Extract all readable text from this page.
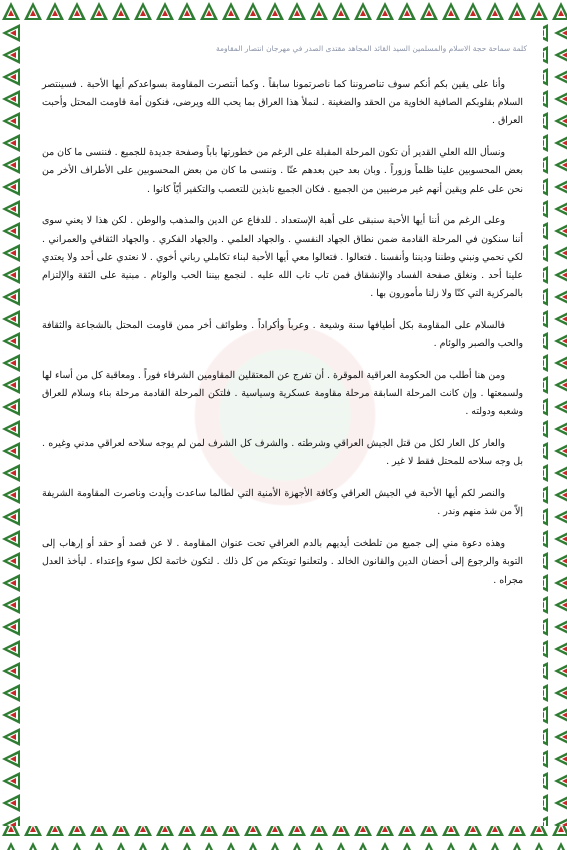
كلمة سماحة حجة الاسلام والمسلمين السيد القائد المجاهد مقتدى الصدر في مهرجان انتصار المقاومة

وأنا على يقين بكم أنكم سوف تناصروننا كما ناصرتمونا سابقاً . وكما أنتصرت المقاومة بسواعدكم أيها الأحبة . فسينتصر السلام بقلوبكم الصافية الخاوية من الحقد والضغينة . لنملأ هذا العراق بما يحب الله ويرضى، فنكون أمة قاومت المحتل وأحبت العراق .

ونسأل الله العلي القدير أن تكون المرحلة المقبلة على الرغم من خطورتها باباً وصفحة جديدة للجميع . فننسى ما كان من بعض المحسوبين علينا ظلماً وزوراً . وبان بعد حين بعدهم عنّا . وننسى ما كان من بعض المحسوبين على الأطراف الأخر من نحن على علم ويقين أنهم غير مرضيين من الجميع . فكان الجميع نابذين للتعصب والتكفير أيّاً كانوا .

وعلى الرغم من أننا أيها الأحبة سنبقى على أهبة الإستعداد . للدفاع عن الدين والمذهب والوطن . لكن هذا لا يعني سوى أننا سنكون في المرحلة القادمة ضمن نطاق الجهاد النفسي . والجهاد العلمي . والجهاد الفكري . والجهاد الثقافي والعمراني . لكي نحمي ونبني وطننا وديننا وأنفسنا . فتعالوا . فتعالوا معي أيها الأحبة لبناء تكاملي رباني أخوي . لا نعتدي على أحد ولا يعتدي علينا أحد . ونغلق صفحة الفساد والإنشقاق فمن تاب تاب الله عليه . لنجمع بيننا الحب والوئام . مبنية على الثقة والإلتزام بالمركزية التي كنّا ولا زلنا مأمورون بها .

فالسلام على المقاومة بكل أطيافها سنة وشيعة . وعرباً وأكراداً . وطوائف أخر ممن قاومت المحتل بالشجاعة والثقافة والحب والصبر والوئام .

ومن هنا أطلب من الحكومة العراقية الموقرة . أن تفرج عن المعتقلين المقاومين الشرفاء فوراً . ومعاقبة كل من أساء لها ولسمعتها . وإن كانت المرحلة السابقة مرحلة مقاومة عسكرية وسياسية . فلتكن المرحلة القادمة مرحلة بناء وسلام للعراق وشعبه ودولته .

والعار كل العار لكل من قتل الجيش العراقي وشرطته . والشرف كل الشرف لمن لم يوجه سلاحه لعراقي مدني وغيره . بل وجه سلاحه للمحتل فقط لا غير .

والنصر لكم أيها الأحبة في الجيش العراقي وكافة الأجهزة الأمنية التي لطالما ساعدت وأيدت وناصرت المقاومة الشريفة إلاّ من شذ منهم وندر .

وهذه دعوة مني إلى جميع من تلطخت أيديهم بالدم العراقي تحت عنوان المقاومة . لا عن قصد أو حقد أو إرهاب إلى التوبة والرجوع إلى أحضان الدين والقانون الخالد . ولتعلنوا توبتكم من كل ذلك . لتكون خاتمة لكل سوء وإعتداء . ليأخذ العدل مجراه .
